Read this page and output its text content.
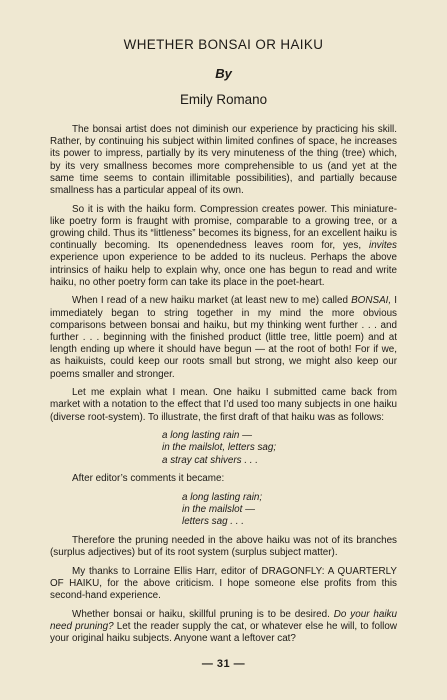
WHETHER BONSAI OR HAIKU
By
Emily Romano

The bonsai artist does not diminish our experience by practicing his skill. Rather, by continuing his subject within limited confines of space, he increases its power to impress, partially by its very minuteness of the thing (tree) which, by its very smallness becomes more comprehensible to us (and yet at the same time seems to contain illimitable possibilities), and partially because smallness has a particular appeal of its own.

So it is with the haiku form. Compression creates power. This miniature-like poetry form is fraught with promise, comparable to a growing tree, or a growing child. Thus its “littleness” becomes its bigness, for an excellent haiku is continually becoming. Its openendedness leaves room for, yes, invites experience upon experience to be added to its nucleus. Perhaps the above intrinsics of haiku help to explain why, once one has begun to read and write haiku, no other poetry form can take its place in the poet-heart.

When I read of a new haiku market (at least new to me) called BONSAI, I immediately began to string together in my mind the more obvious comparisons between bonsai and haiku, but my thinking went further . . . and further . . . beginning with the finished product (little tree, little poem) and at length ending up where it should have begun — at the root of both! For if we, as haikuists, could keep our roots small but strong, we might also keep our poems smaller and stronger.

Let me explain what I mean. One haiku I submitted came back from market with a notation to the effect that I’d used too many subjects in one haiku (diverse root-system). To illustrate, the first draft of that haiku was as follows:

a long lasting rain —
in the mailslot, letters sag;
a stray cat shivers . . .

After editor’s comments it became:

a long lasting rain;
in the mailslot —
letters sag . . .

Therefore the pruning needed in the above haiku was not of its branches (surplus adjectives) but of its root system (surplus subject matter).

My thanks to Lorraine Ellis Harr, editor of DRAGONFLY: A QUARTERLY OF HAIKU, for the above criticism. I hope someone else profits from this second-hand experience.

Whether bonsai or haiku, skillful pruning is to be desired. Do your haiku need pruning? Let the reader supply the cat, or whatever else he will, to follow your original haiku subjects. Anyone want a leftover cat?

— 31 —
